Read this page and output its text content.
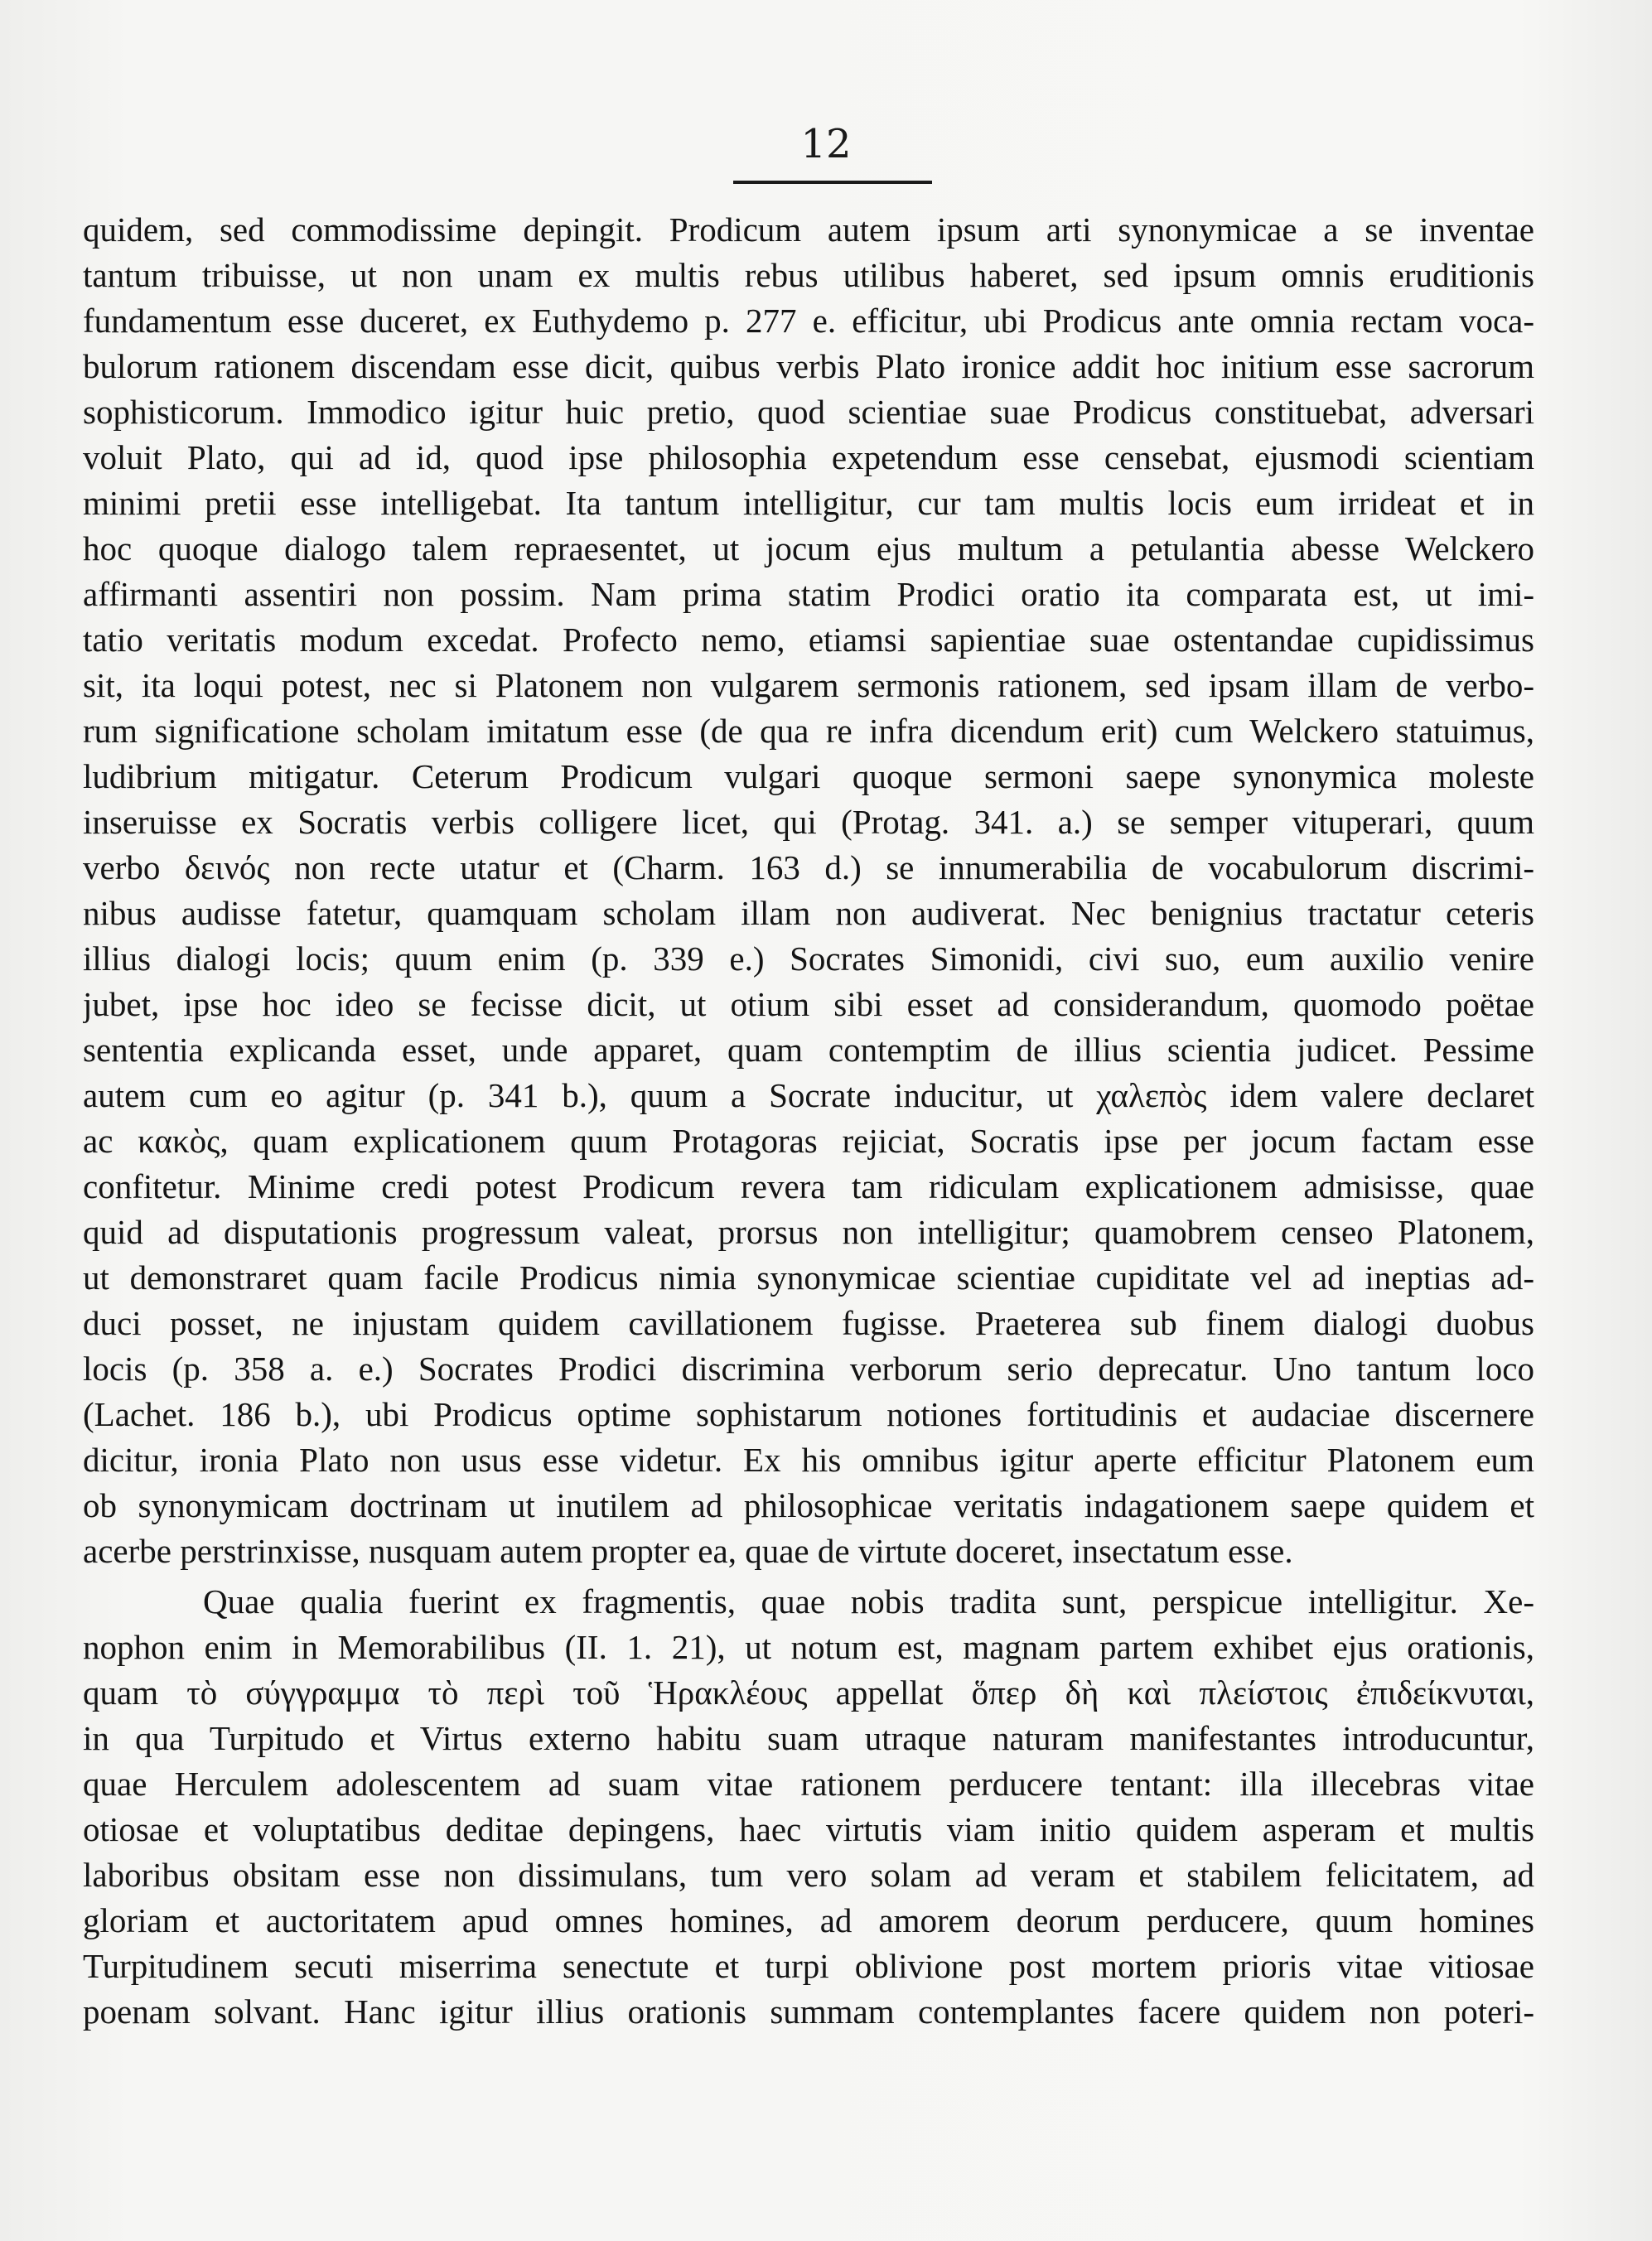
12
quidem, sed commodissime depingit. Prodicum autem ipsum arti synonymicae a se inventae
tantum tribuisse, ut non unam ex multis rebus utilibus haberet, sed ipsum omnis eruditionis
fundamentum esse duceret, ex Euthydemo p. 277 e. efficitur, ubi Prodicus ante omnia rectam voca-
bulorum rationem discendam esse dicit, quibus verbis Plato ironice addit hoc initium esse sacrorum
sophisticorum. Immodico igitur huic pretio, quod scientiae suae Prodicus constituebat, adversari
voluit Plato, qui ad id, quod ipse philosophia expetendum esse censebat, ejusmodi scientiam
minimi pretii esse intelligebat. Ita tantum intelligitur, cur tam multis locis eum irrideat et in
hoc quoque dialogo talem repraesentet, ut jocum ejus multum a petulantia abesse Welckero
affirmanti assentiri non possim. Nam prima statim Prodici oratio ita comparata est, ut imi-
tatio veritatis modum excedat. Profecto nemo, etiamsi sapientiae suae ostentandae cupidissimus
sit, ita loqui potest, nec si Platonem non vulgarem sermonis rationem, sed ipsam illam de verbo-
rum significatione scholam imitatum esse (de qua re infra dicendum erit) cum Welckero statuimus,
ludibrium mitigatur. Ceterum Prodicum vulgari quoque sermoni saepe synonymica moleste
inseruisse ex Socratis verbis colligere licet, qui (Protag. 341. a.) se semper vituperari, quum
verbo δεινός non recte utatur et (Charm. 163 d.) se innumerabilia de vocabulorum discrimi-
nibus audisse fatetur, quamquam scholam illam non audiverat. Nec benignius tractatur ceteris
illius dialogi locis; quum enim (p. 339 e.) Socrates Simonidi, civi suo, eum auxilio venire
jubet, ipse hoc ideo se fecisse dicit, ut otium sibi esset ad considerandum, quomodo poëtae
sententia explicanda esset, unde apparet, quam contemptim de illius scientia judicet. Pessime
autem cum eo agitur (p. 341 b.), quum a Socrate inducitur, ut χαλεπὸς idem valere declaret
ac κακὸς, quam explicationem quum Protagoras rejiciat, Socratis ipse per jocum factam esse
confitetur. Minime credi potest Prodicum revera tam ridiculam explicationem admisisse, quae
quid ad disputationis progressum valeat, prorsus non intelligitur; quamobrem censeo Platonem,
ut demonstraret quam facile Prodicus nimia synonymicae scientiae cupiditate vel ad ineptias ad-
duci posset, ne injustam quidem cavillationem fugisse. Praeterea sub finem dialogi duobus
locis (p. 358 a. e.) Socrates Prodici discrimina verborum serio deprecatur. Uno tantum loco
(Lachet. 186 b.), ubi Prodicus optime sophistarum notiones fortitudinis et audaciae discernere
dicitur, ironia Plato non usus esse videtur. Ex his omnibus igitur aperte efficitur Platonem eum
ob synonymicam doctrinam ut inutilem ad philosophicae veritatis indagationem saepe quidem et
acerbe perstrinxisse, nusquam autem propter ea, quae de virtute doceret, insectatum esse.
Quae qualia fuerint ex fragmentis, quae nobis tradita sunt, perspicue intelligitur. Xe-
nophon enim in Memorabilibus (II. 1. 21), ut notum est, magnam partem exhibet ejus orationis,
quam τὸ σύγγραμμα τὸ περὶ τοῦ Ἡρακλέους appellat ὅπερ δὴ καὶ πλείστοις ἐπιδείκνυται,
in qua Turpitudo et Virtus externo habitu suam utraque naturam manifestantes introducuntur,
quae Herculem adolescentem ad suam vitae rationem perducere tentant: illa illecebras vitae
otiosae et voluptatibus deditae depingens, haec virtutis viam initio quidem asperam et multis
laboribus obsitam esse non dissimulans, tum vero solam ad veram et stabilem felicitatem, ad
gloriam et auctoritatem apud omnes homines, ad amorem deorum perducere, quum homines
Turpitudinem secuti miserrima senectute et turpi oblivione post mortem prioris vitae vitiosae
poenam solvant. Hanc igitur illius orationis summam contemplantes facere quidem non poteri-
